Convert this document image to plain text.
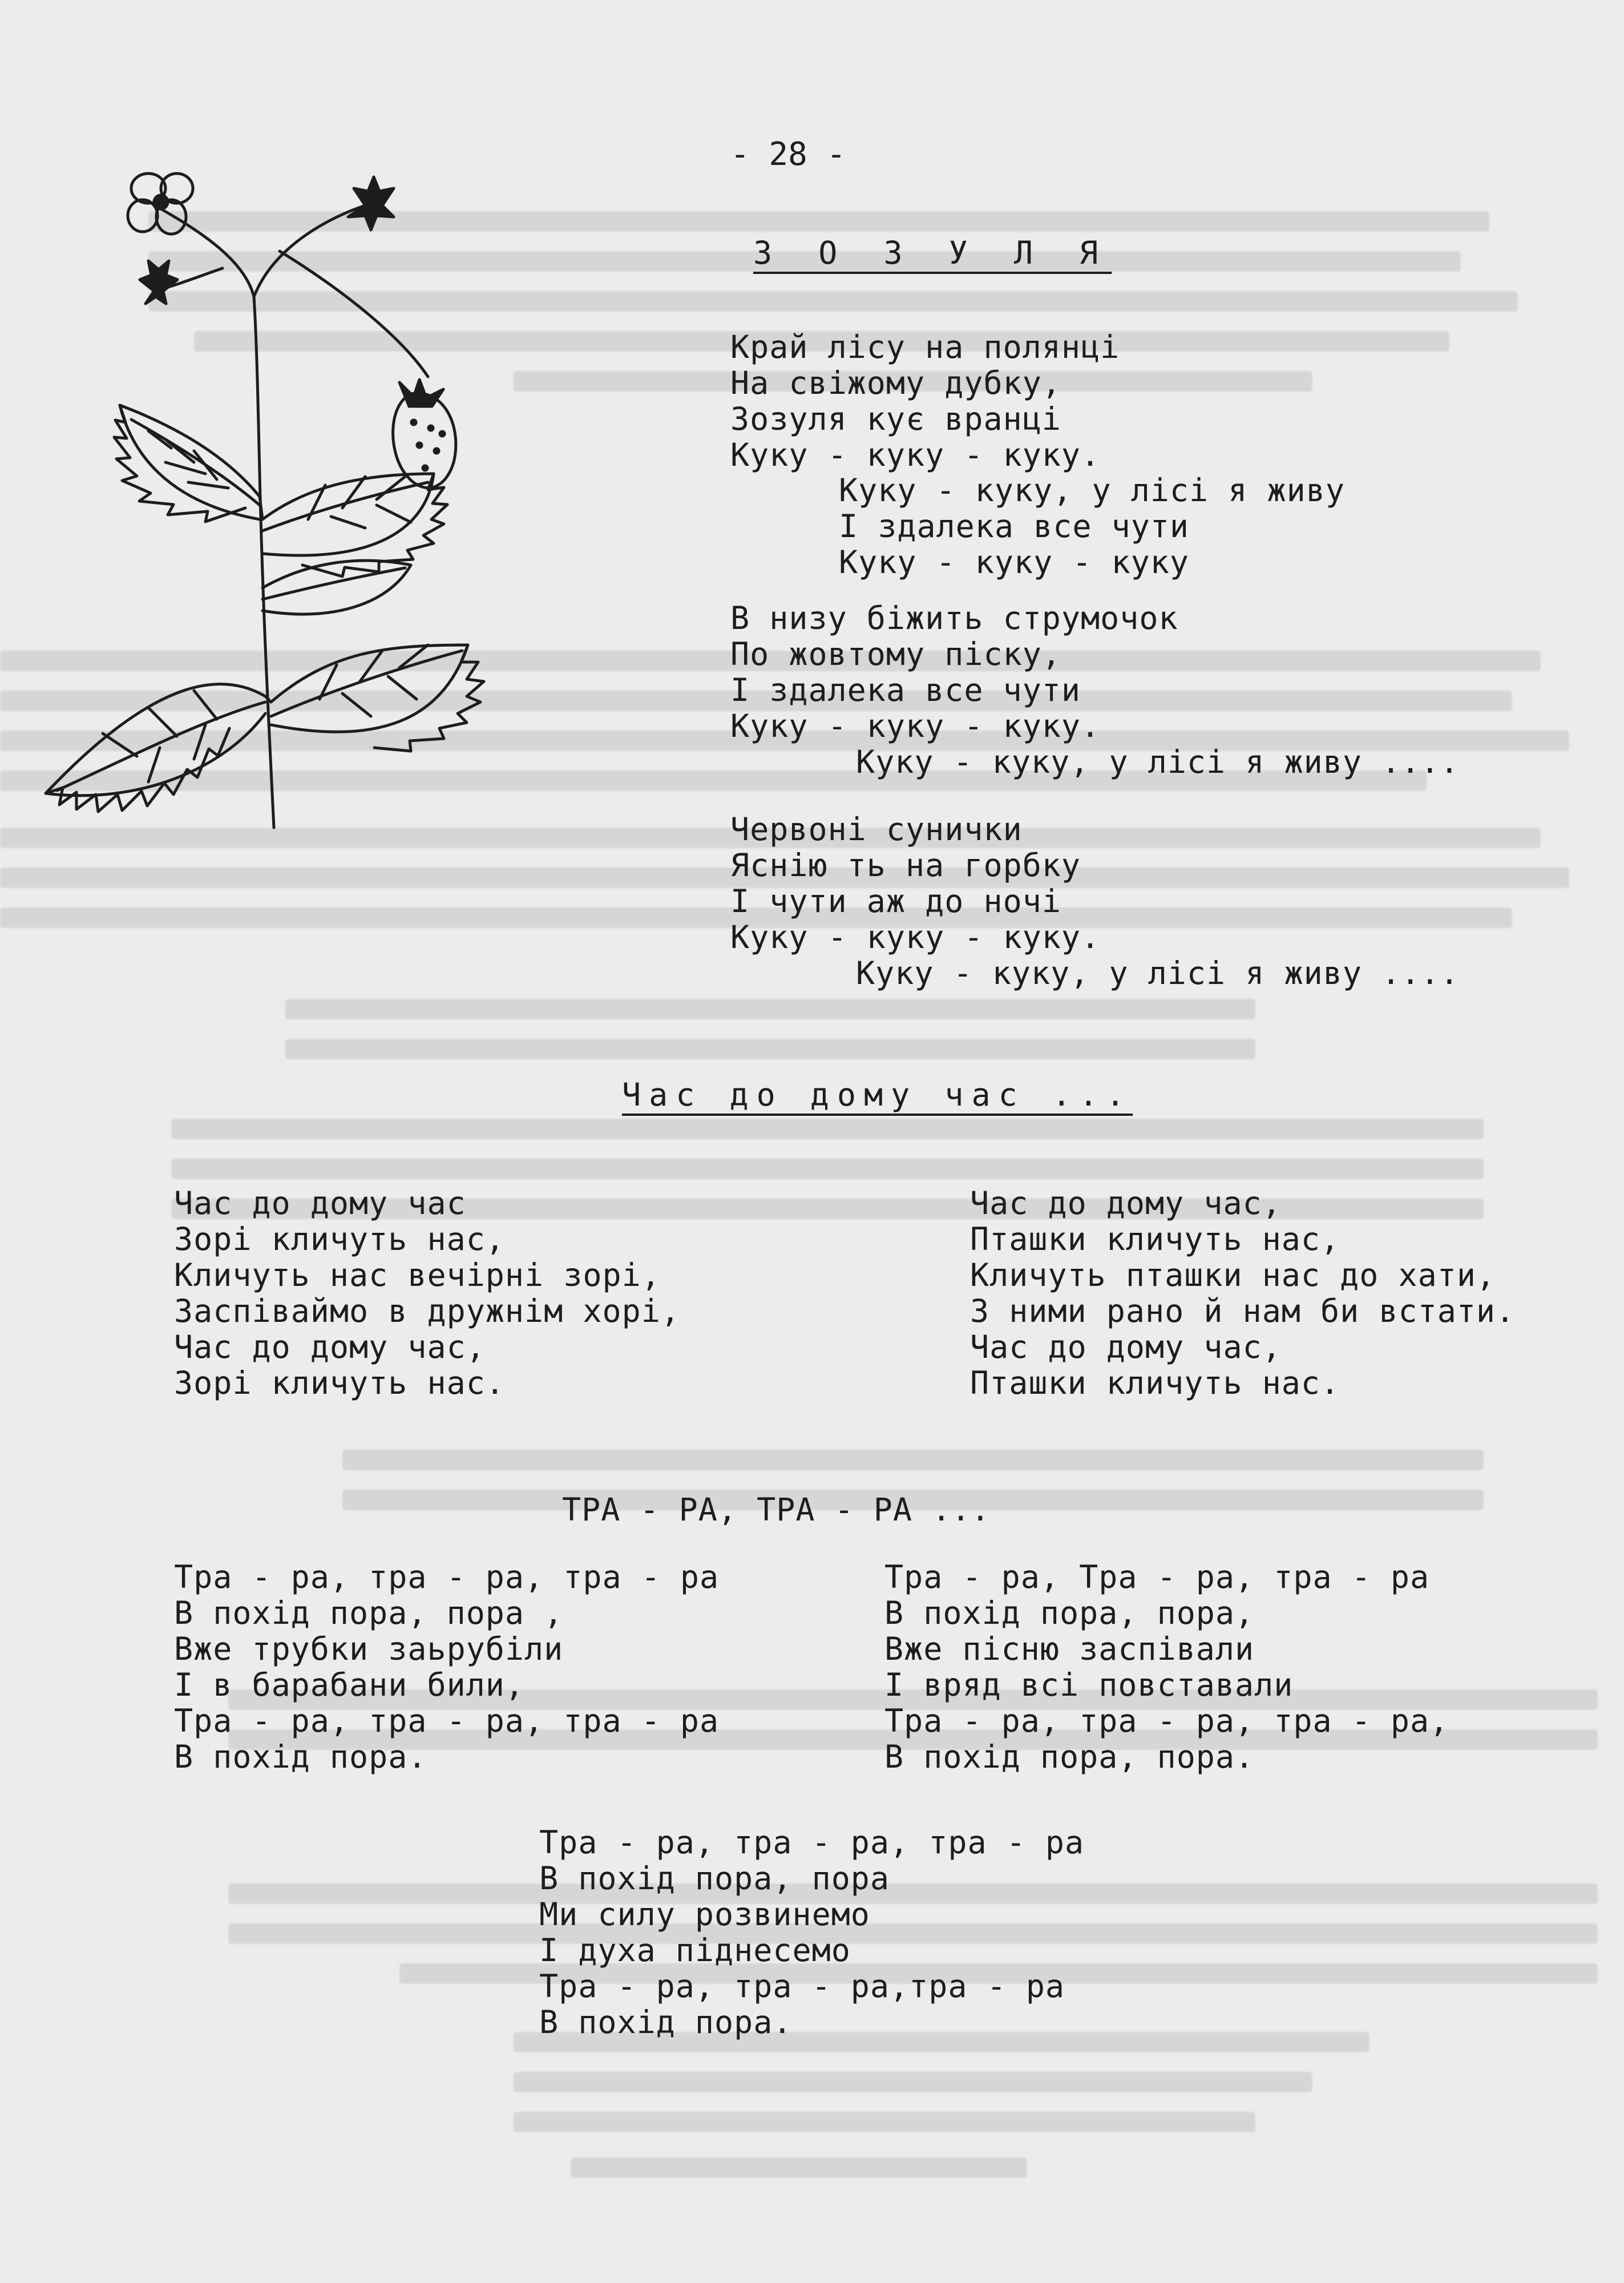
- 28 -
З О З У Л Я
Край лісу на полянці
На свіжому дубку,
Зозуля кує вранці
Куку - куку - куку.
Куку - куку, у лісі я живу
І здалека все чути
Куку - куку - куку
В низу біжить струмочок
По жовтому піску,
І здалека все чути
Куку - куку - куку.
Куку - куку, у лісі я живу ....
Червоні сунички
Яснію ть на горбку
І чути аж до ночі
Куку - куку - куку.
Куку - куку, у лісі я живу ....
Час до дому час ...
Час до дому час
Зорі кличуть нас,
Кличуть нас вечірні зорі,
Заспіваймо в дружнім хорі,
Час до дому час,
Зорі кличуть нас.
Час до дому час,
Пташки кличуть нас,
Кличуть пташки нас до хати,
З ними рано й нам би встати.
Час до дому час,
Пташки кличуть нас.
ТРА - РА, ТРА - РА ...
Тра - ра, тра - ра, тра - ра
В похід пора, пора ,
Вже трубки заьрубіли
І в барабани били,
Тра - ра, тра - ра, тра - ра
В похід пора.
Тра - ра, Тра - ра, тра - ра
В похід пора, пора,
Вже пісню заспівали
І вряд всі повставали
Тра - ра, тра - ра, тра - ра,
В похід пора, пора.
Тра - ра, тра - ра, тра - ра
В похід пора, пора
Ми силу розвинемо
І духа піднесемо
Тра - ра, тра - ра,тра - ра
В похід пора.
